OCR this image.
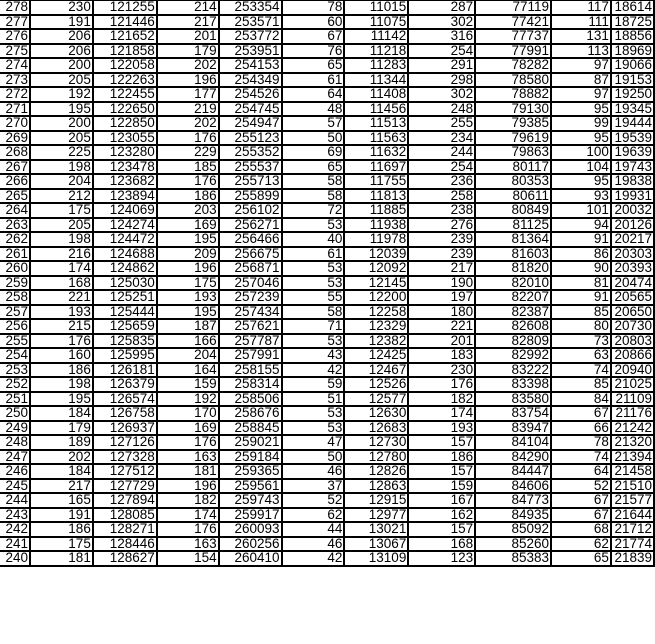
278	230	121255	214	253354	78	11015	287	77119	117	18614
277	191	121446	217	253571	60	11075	302	77421	111	18725
276	206	121652	201	253772	67	11142	316	77737	131	18856
275	206	121858	179	253951	76	11218	254	77991	113	18969
274	200	122058	202	254153	65	11283	291	78282	97	19066
273	205	122263	196	254349	61	11344	298	78580	87	19153
272	192	122455	177	254526	64	11408	302	78882	97	19250
271	195	122650	219	254745	48	11456	248	79130	95	19345
270	200	122850	202	254947	57	11513	255	79385	99	19444
269	205	123055	176	255123	50	11563	234	79619	95	19539
268	225	123280	229	255352	69	11632	244	79863	100	19639
267	198	123478	185	255537	65	11697	254	80117	104	19743
266	204	123682	176	255713	58	11755	236	80353	95	19838
265	212	123894	186	255899	58	11813	258	80611	93	19931
264	175	124069	203	256102	72	11885	238	80849	101	20032
263	205	124274	169	256271	53	11938	276	81125	94	20126
262	198	124472	195	256466	40	11978	239	81364	91	20217
261	216	124688	209	256675	61	12039	239	81603	86	20303
260	174	124862	196	256871	53	12092	217	81820	90	20393
259	168	125030	175	257046	53	12145	190	82010	81	20474
258	221	125251	193	257239	55	12200	197	82207	91	20565
257	193	125444	195	257434	58	12258	180	82387	85	20650
256	215	125659	187	257621	71	12329	221	82608	80	20730
255	176	125835	166	257787	53	12382	201	82809	73	20803
254	160	125995	204	257991	43	12425	183	82992	63	20866
253	186	126181	164	258155	42	12467	230	83222	74	20940
252	198	126379	159	258314	59	12526	176	83398	85	21025
251	195	126574	192	258506	51	12577	182	83580	84	21109
250	184	126758	170	258676	53	12630	174	83754	67	21176
249	179	126937	169	258845	53	12683	193	83947	66	21242
248	189	127126	176	259021	47	12730	157	84104	78	21320
247	202	127328	163	259184	50	12780	186	84290	74	21394
246	184	127512	181	259365	46	12826	157	84447	64	21458
245	217	127729	196	259561	37	12863	159	84606	52	21510
244	165	127894	182	259743	52	12915	167	84773	67	21577
243	191	128085	174	259917	62	12977	162	84935	67	21644
242	186	128271	176	260093	44	13021	157	85092	68	21712
241	175	128446	163	260256	46	13067	168	85260	62	21774
240	181	128627	154	260410	42	13109	123	85383	65	21839
